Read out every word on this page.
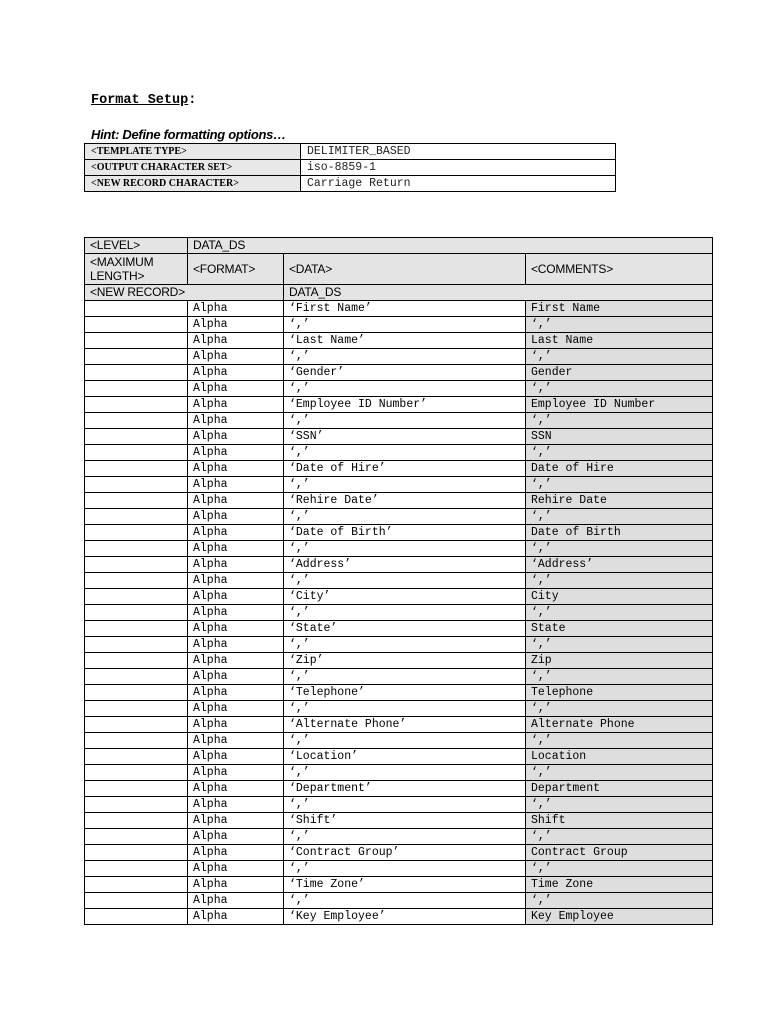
Format Setup:
Hint: Define formatting options…
<TEMPLATE TYPE>	DELIMITER_BASED
<OUTPUT CHARACTER SET>	iso-8859-1
<NEW RECORD CHARACTER>	Carriage Return
<LEVEL>	DATA_DS		
<MAXIMUM LENGTH>	<FORMAT>	<DATA>	<COMMENTS>
<NEW RECORD>		DATA_DS	
	Alpha	‘First Name’	First Name
	Alpha	‘,’	‘,’
	Alpha	‘Last Name’	Last Name
	Alpha	‘,’	‘,’
	Alpha	‘Gender’	Gender
	Alpha	‘,’	‘,’
	Alpha	‘Employee ID Number’	Employee ID Number
	Alpha	‘,’	‘,’
	Alpha	‘SSN’	SSN
	Alpha	‘,’	‘,’
	Alpha	‘Date of Hire’	Date of Hire
	Alpha	‘,’	‘,’
	Alpha	‘Rehire Date’	Rehire Date
	Alpha	‘,’	‘,’
	Alpha	‘Date of Birth’	Date of Birth
	Alpha	‘,’	‘,’
	Alpha	‘Address’	‘Address’
	Alpha	‘,’	‘,’
	Alpha	‘City’	City
	Alpha	‘,’	‘,’
	Alpha	‘State’	State
	Alpha	‘,’	‘,’
	Alpha	‘Zip’	Zip
	Alpha	‘,’	‘,’
	Alpha	‘Telephone’	Telephone
	Alpha	‘,’	‘,’
	Alpha	‘Alternate Phone’	Alternate Phone
	Alpha	‘,’	‘,’
	Alpha	‘Location’	Location
	Alpha	‘,’	‘,’
	Alpha	‘Department’	Department
	Alpha	‘,’	‘,’
	Alpha	‘Shift’	Shift
	Alpha	‘,’	‘,’
	Alpha	‘Contract Group’	Contract Group
	Alpha	‘,’	‘,’
	Alpha	‘Time Zone’	Time Zone
	Alpha	‘,’	‘,’
	Alpha	‘Key Employee’	Key Employee
